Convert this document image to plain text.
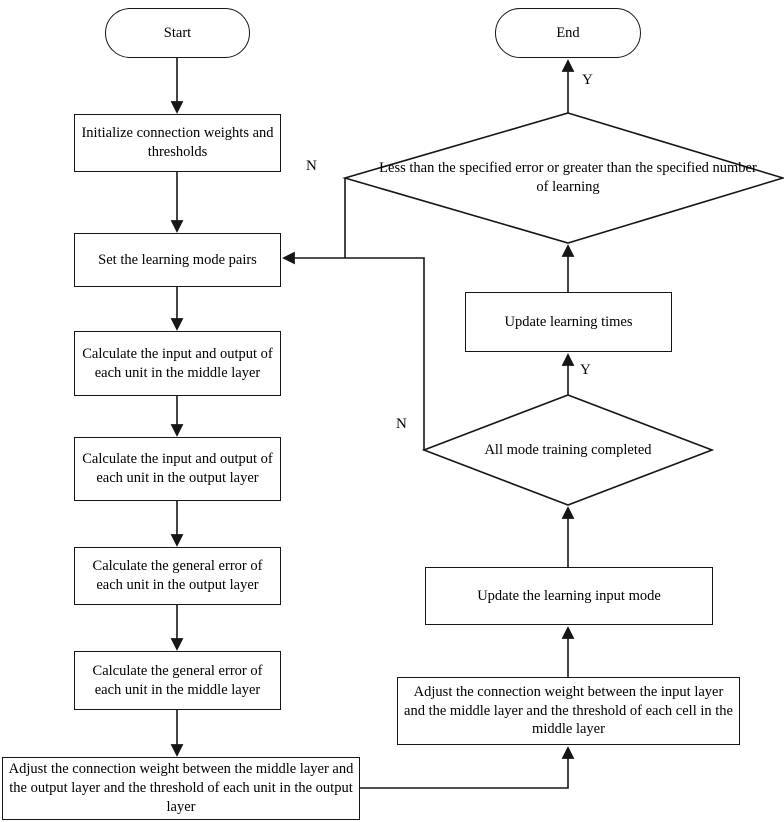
Start	End
Initialize connection weights and thresholds
Set the learning mode pairs
Calculate the input and output of each unit in the middle layer
Calculate the input and output of each unit in the output layer
Calculate the general error of each unit in the output layer
Calculate the general error of each unit in the middle layer
Adjust the connection weight between the middle layer and the output layer and the threshold of each unit in the output layer
Adjust the connection weight between the input layer and the middle layer and the threshold of each cell in the middle layer
Update the learning input mode
Update learning times
Less than the specified error or greater than the specified number of learning
All mode training completed
Y
N
Y
N
